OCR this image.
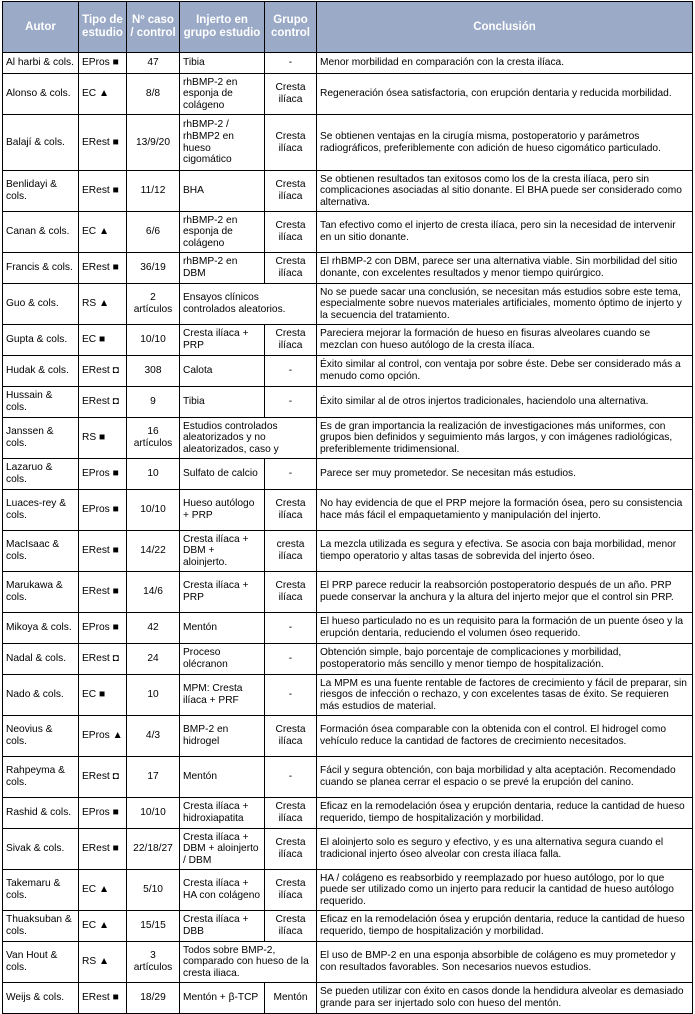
Autor	Tipo de estudio	Nº caso / control	Injerto en grupo estudio	Grupo control	Conclusión
Al harbi & cols.	EPros ■	47	Tibia	-	Menor morbilidad en comparación con la cresta ilíaca.
Alonso & cols.	EC ▲	8/8	rhBMP-2 en esponja de colágeno	Cresta ilíaca	Regeneración ósea satisfactoria, con erupción dentaria y reducida morbilidad.
Balají & cols.	ERest ■	13/9/20	rhBMP-2 / rhBMP2 en hueso cigomático	Cresta ilíaca	Se obtienen ventajas en la cirugía misma, postoperatorio y parámetros radiográficos, preferiblemente con adición de hueso cigomático particulado.
Benlidayi & cols.	ERest ■	11/12	BHA	Cresta ilíaca	Se obtienen resultados tan exitosos como los de la cresta ilíaca, pero sin complicaciones asociadas al sitio donante. El BHA puede ser considerado como alternativa.
Canan & cols.	EC ▲	6/6	rhBMP-2 en esponja de colágeno	Cresta ilíaca	Tan efectivo como el injerto de cresta ilíaca, pero sin la necesidad de intervenir en un sitio donante.
Francis & cols.	ERest ■	36/19	rhBMP-2 en DBM	Cresta ilíaca	El rhBMP-2 con DBM, parece ser una alternativa viable. Sin morbilidad del sitio donante, con excelentes resultados y menor tiempo quirúrgico.
Guo & cols.	RS ▲	2 artículos	Ensayos clínicos controlados aleatorios.		No se puede sacar una conclusión, se necesitan más estudios sobre este tema, especialmente sobre nuevos materiales artificiales, momento óptimo de injerto y la secuencia del tratamiento.
Gupta & cols.	EC ■	10/10	Cresta ilíaca + PRP	Cresta ilíaca	Pareciera mejorar la formación de hueso en fisuras alveolares cuando se mezclan con hueso autólogo de la cresta ilíaca.
Hudak & cols.	ERest ◘	308	Calota	-	Éxito similar al control, con ventaja por sobre éste. Debe ser considerado más a menudo como opción.
Hussain & cols.	ERest ◘	9	Tibia	-	Éxito similar al de otros injertos tradicionales, haciendolo una alternativa.
Janssen & cols.	RS ■	16 artículos	Estudios controlados aleatorizados y no aleatorizados, caso y		Es de gran importancia la realización de investigaciones más uniformes, con grupos bien definidos y seguimiento más largos, y con imágenes radiológicas, preferiblemente tridimensional.
Lazaruo & cols.	EPros ■	10	Sulfato de calcio	-	Parece ser muy prometedor. Se necesitan más estudios.
Luaces-rey & cols.	EPros ■	10/10	Hueso autólogo + PRP	Cresta ilíaca	No hay evidencia de que el PRP mejore la formación ósea, pero su consistencia hace más fácil el empaquetamiento y manipulación del injerto.
MacIsaac & cols.	ERest ■	14/22	Cresta ilíaca + DBM + aloinjerto.	cresta ilíaca	La mezcla utilizada es segura y efectiva. Se asocia con baja morbilidad, menor tiempo operatorio y altas tasas de sobrevida del injerto óseo.
Marukawa & cols.	ERest ■	14/6	Cresta ilíaca + PRP	Cresta ilíaca	El PRP parece reducir la reabsorción postoperatorio después de un año. PRP puede conservar la anchura y la altura del injerto mejor que el control sin PRP.
Mikoya & cols.	EPros ■	42	Mentón	-	El hueso particulado no es un requisito para la formación de un puente óseo y la erupción dentaria, reduciendo el volumen óseo requerido.
Nadal & cols.	ERest ◘	24	Proceso olécranon	-	Obtención simple, bajo porcentaje de complicaciones y morbilidad, postoperatorio más sencillo y menor tiempo de hospitalización.
Nado & cols.	EC ■	10	MPM: Cresta ilíaca + PRF	-	La MPM es una fuente rentable de factores de crecimiento y fácil de preparar, sin riesgos de infección o rechazo, y con excelentes tasas de éxito. Se requieren más estudios de material.
Neovius & cols.	EPros ▲	4/3	BMP-2 en hidrogel	Cresta ilíaca	Formación ósea comparable con la obtenida con el control. El hidrogel como vehículo reduce la cantidad de factores de crecimiento necesitados.
Rahpeyma & cols.	ERest ◘	17	Mentón	-	Fácil y segura obtención, con baja morbilidad y alta aceptación. Recomendado cuando se planea cerrar el espacio o se prevé la erupción del canino.
Rashid & cols.	EPros ■	10/10	Cresta ilíaca + hidroxiapatita	Cresta ilíaca	Eficaz en la remodelación ósea y erupción dentaria, reduce la cantidad de hueso requerido, tiempo de hospitalización y morbilidad.
Sivak & cols.	ERest ■	22/18/27	Cresta ilíaca + DBM + aloinjerto / DBM	Cresta ilíaca	El aloinjerto solo es seguro y efectivo, y es una alternativa segura cuando el tradicional injerto óseo alveolar con cresta ilíaca falla.
Takemaru & cols.	EC ▲	5/10	Cresta ilíaca + HA con colágeno	Cresta ilíaca	HA / colágeno es reabsorbido y reemplazado por hueso autólogo, por lo que puede ser utilizado como un injerto para reducir la cantidad de hueso autólogo requerido.
Thuaksuban & cols.	EC ▲	15/15	Cresta ilíaca + DBB	Cresta ilíaca	Eficaz en la remodelación ósea y erupción dentaria, reduce la cantidad de hueso requerido, tiempo de hospitalización y morbilidad.
Van Hout & cols.	RS ▲	3 artículos	Todos sobre BMP-2, comparado con hueso de la cresta iliaca.		El uso de BMP-2 en una esponja absorbible de colágeno es muy prometedor y con resultados favorables. Son necesarios nuevos estudios.
Weijs & cols.	ERest ■	18/29	Mentón + β-TCP	Mentón	Se pueden utilizar con éxito en casos donde la hendidura alveolar es demasiado grande para ser injertado solo con hueso del mentón.
